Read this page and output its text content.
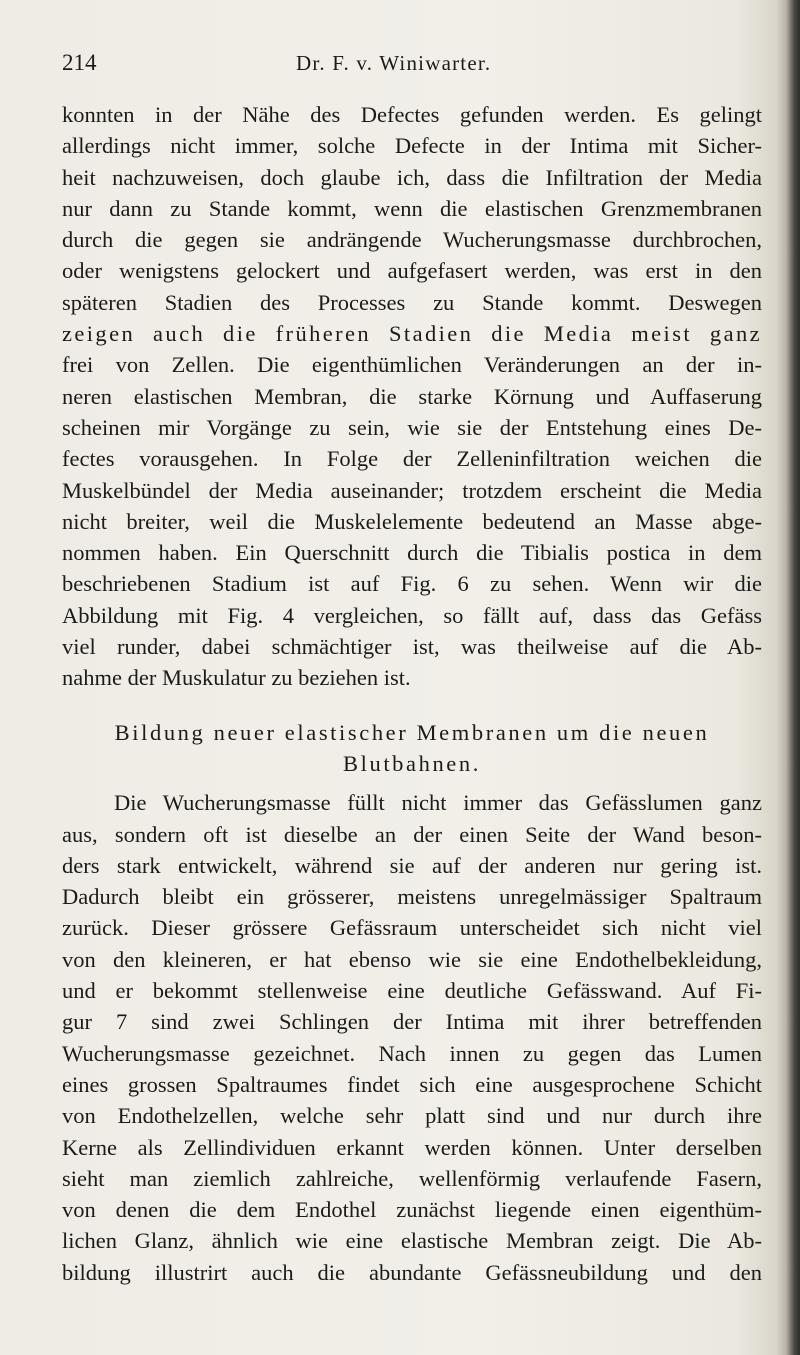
214	Dr. F. v. Winiwarter.
konnten in der Nähe des Defectes gefunden werden. Es gelingt
allerdings nicht immer, solche Defecte in der Intima mit Sicher-
heit nachzuweisen, doch glaube ich, dass die Infiltration der Media
nur dann zu Stande kommt, wenn die elastischen Grenzmembranen
durch die gegen sie andrängende Wucherungsmasse durchbrochen,
oder wenigstens gelockert und aufgefasert werden, was erst in den
späteren Stadien des Processes zu Stande kommt. Deswegen
zeigen auch die früheren Stadien die Media meist ganz
frei von Zellen. Die eigenthümlichen Veränderungen an der in-
neren elastischen Membran, die starke Körnung und Auffaserung
scheinen mir Vorgänge zu sein, wie sie der Entstehung eines De-
fectes vorausgehen. In Folge der Zelleninfiltration weichen die
Muskelbündel der Media auseinander; trotzdem erscheint die Media
nicht breiter, weil die Muskelelemente bedeutend an Masse abge-
nommen haben. Ein Querschnitt durch die Tibialis postica in dem
beschriebenen Stadium ist auf Fig. 6 zu sehen. Wenn wir die
Abbildung mit Fig. 4 vergleichen, so fällt auf, dass das Gefäss
viel runder, dabei schmächtiger ist, was theilweise auf die Ab-
nahme der Muskulatur zu beziehen ist.
Bildung neuer elastischer Membranen um die neuen
Blutbahnen.
Die Wucherungsmasse füllt nicht immer das Gefässlumen ganz
aus, sondern oft ist dieselbe an der einen Seite der Wand beson-
ders stark entwickelt, während sie auf der anderen nur gering ist.
Dadurch bleibt ein grösserer, meistens unregelmässiger Spaltraum
zurück. Dieser grössere Gefässraum unterscheidet sich nicht viel
von den kleineren, er hat ebenso wie sie eine Endothelbekleidung,
und er bekommt stellenweise eine deutliche Gefässwand. Auf Fi-
gur 7 sind zwei Schlingen der Intima mit ihrer betreffenden
Wucherungsmasse gezeichnet. Nach innen zu gegen das Lumen
eines grossen Spaltraumes findet sich eine ausgesprochene Schicht
von Endothelzellen, welche sehr platt sind und nur durch ihre
Kerne als Zellindividuen erkannt werden können. Unter derselben
sieht man ziemlich zahlreiche, wellenförmig verlaufende Fasern,
von denen die dem Endothel zunächst liegende einen eigenthüm-
lichen Glanz, ähnlich wie eine elastische Membran zeigt. Die Ab-
bildung illustrirt auch die abundante Gefässneubildung und den
